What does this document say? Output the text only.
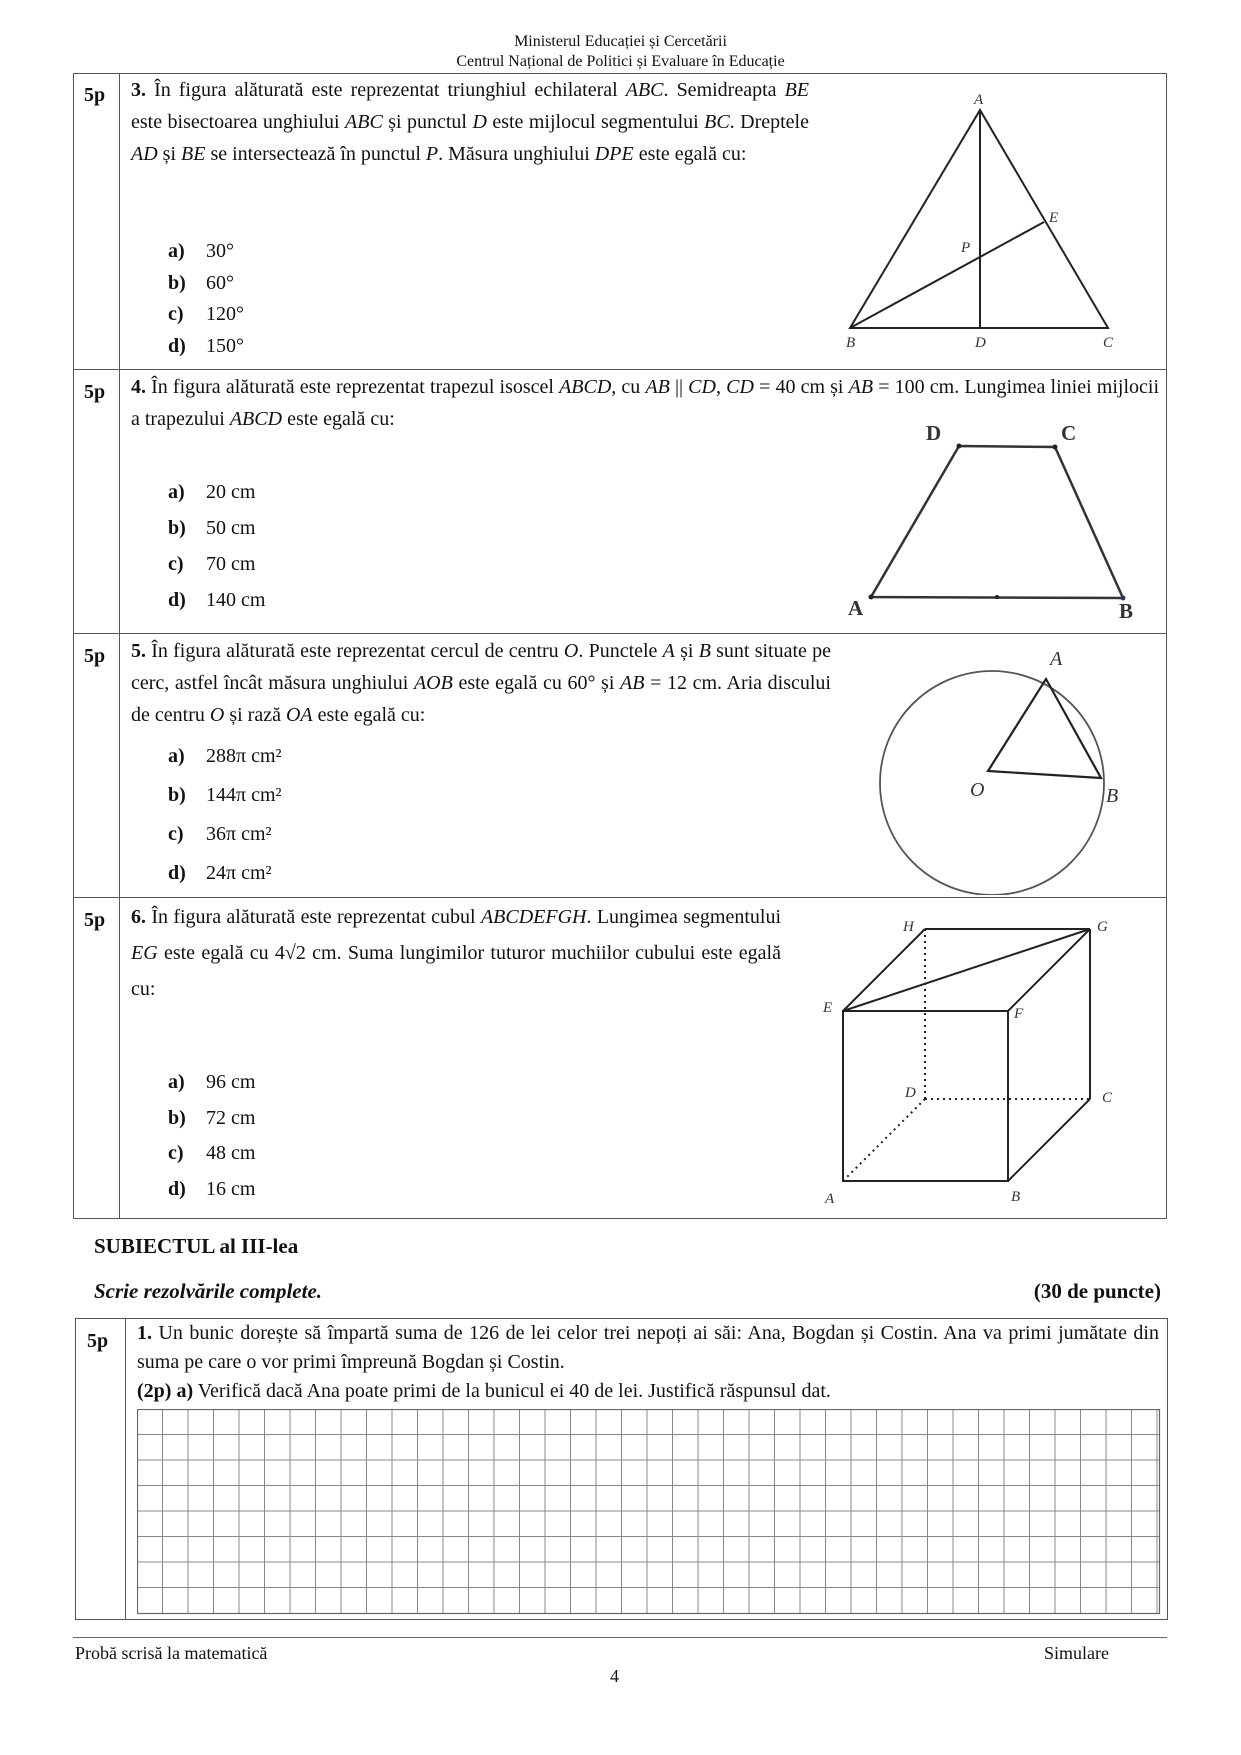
Ministerul Educației și Cercetării
Centrul Național de Politici și Evaluare în Educație
5p 3. În figura alăturată este reprezentat triunghiul echilateral ABC. Semidreapta BE este bisectoarea unghiului ABC și punctul D este mijlocul segmentului BC. Dreptele AD și BE se intersectează în punctul P. Măsura unghiului DPE este egală cu:
a) 30°
b) 60°
c) 120°
d) 150°
A
B	C
D
E
P
5p 4. În figura alăturată este reprezentat trapezul isoscel ABCD, cu AB || CD, CD = 40 cm și AB = 100 cm. Lungimea liniei mijlocii a trapezului ABCD este egală cu:
a) 20 cm
b) 50 cm
c) 70 cm
d) 140 cm
D	C
A	B
5p 5. În figura alăturată este reprezentat cercul de centru O. Punctele A și B sunt situate pe cerc, astfel încât măsura unghiului AOB este egală cu 60° și AB = 12 cm. Aria discului de centru O și rază OA este egală cu:
a) 288π cm²
b) 144π cm²
c) 36π cm²
d) 24π cm²
A
O	B
5p 6. În figura alăturată este reprezentat cubul ABCDEFGH. Lungimea segmentului EG este egală cu 4√2 cm. Suma lungimilor tuturor muchiilor cubului este egală cu:
a) 96 cm
b) 72 cm
c) 48 cm
d) 16 cm
H	G
E	F
D	C
A	B
SUBIECTUL al III-lea
Scrie rezolvările complete.	(30 de puncte)
5p 1. Un bunic dorește să împartă suma de 126 de lei celor trei nepoți ai săi: Ana, Bogdan și Costin. Ana va primi jumătate din suma pe care o vor primi împreună Bogdan și Costin.
(2p) a) Verifică dacă Ana poate primi de la bunicul ei 40 de lei. Justifică răspunsul dat.
Probă scrisă la matematică	Simulare
4
